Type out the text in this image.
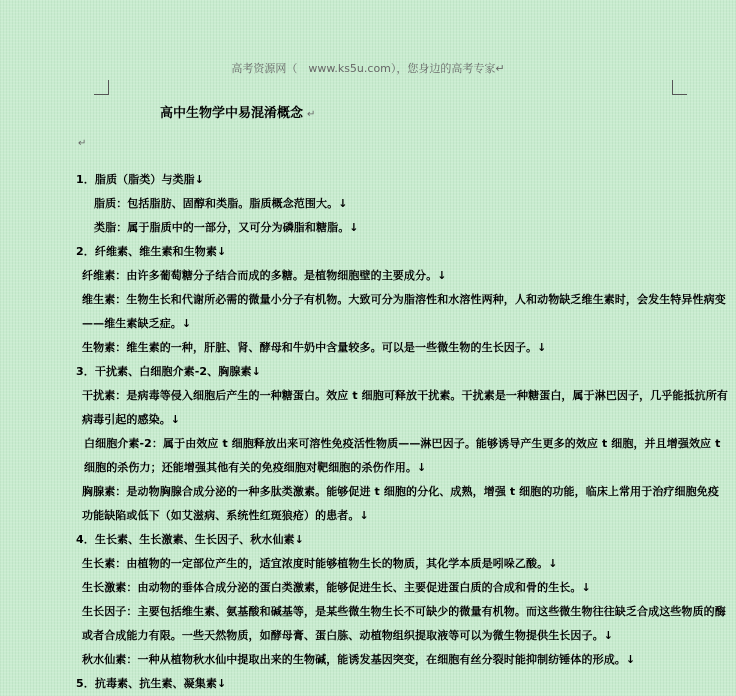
高考资源网（　www.ks5u.com），您身边的高考专家↵
高中生物学中易混淆概念 ↵
↵

1．脂质（脂类）与类脂↓

脂质：包括脂肪、固醇和类脂。脂质概念范围大。↓

类脂：属于脂质中的一部分，又可分为磷脂和糖脂。↓

2．纤维素、维生素和生物素↓

纤维素：由许多葡萄糖分子结合而成的多糖。是植物细胞壁的主要成分。↓

维生素：生物生长和代谢所必需的微量小分子有机物。大致可分为脂溶性和水溶性两种，人和动物缺乏维生素时，会发生特异性病变——维生素缺乏症。↓

生物素：维生素的一种，肝脏、肾、酵母和牛奶中含量较多。可以是一些微生物的生长因子。↓

3．干扰素、白细胞介素-2、胸腺素↓

干扰素：是病毒等侵入细胞后产生的一种糖蛋白。效应 t 细胞可释放干扰素。干扰素是一种糖蛋白，属于淋巴因子，几乎能抵抗所有病毒引起的感染。↓

白细胞介素-2：属于由效应 t 细胞释放出来可溶性免疫活性物质——淋巴因子。能够诱导产生更多的效应 t 细胞，并且增强效应 t 细胞的杀伤力；还能增强其他有关的免疫细胞对靶细胞的杀伤作用。↓

胸腺素：是动物胸腺合成分泌的一种多肽类激素。能够促进 t 细胞的分化、成熟，增强 t 细胞的功能，临床上常用于治疗细胞免疫功能缺陷或低下（如艾滋病、系统性红斑狼疮）的患者。↓

4．生长素、生长激素、生长因子、秋水仙素↓

生长素：由植物的一定部位产生的，适宜浓度时能够植物生长的物质，其化学本质是吲哚乙酸。↓

生长激素：由动物的垂体合成分泌的蛋白类激素，能够促进生长、主要促进蛋白质的合成和骨的生长。↓

生长因子：主要包括维生素、氨基酸和碱基等，是某些微生物生长不可缺少的微量有机物。而这些微生物往往缺乏合成这些物质的酶或者合成能力有限。一些天然物质，如酵母膏、蛋白胨、动植物组织提取液等可以为微生物提供生长因子。↓

秋水仙素：一种从植物秋水仙中提取出来的生物碱，能诱发基因突变，在细胞有丝分裂时能抑制纺锤体的形成。↓

5．抗毒素、抗生素、凝集素↓
